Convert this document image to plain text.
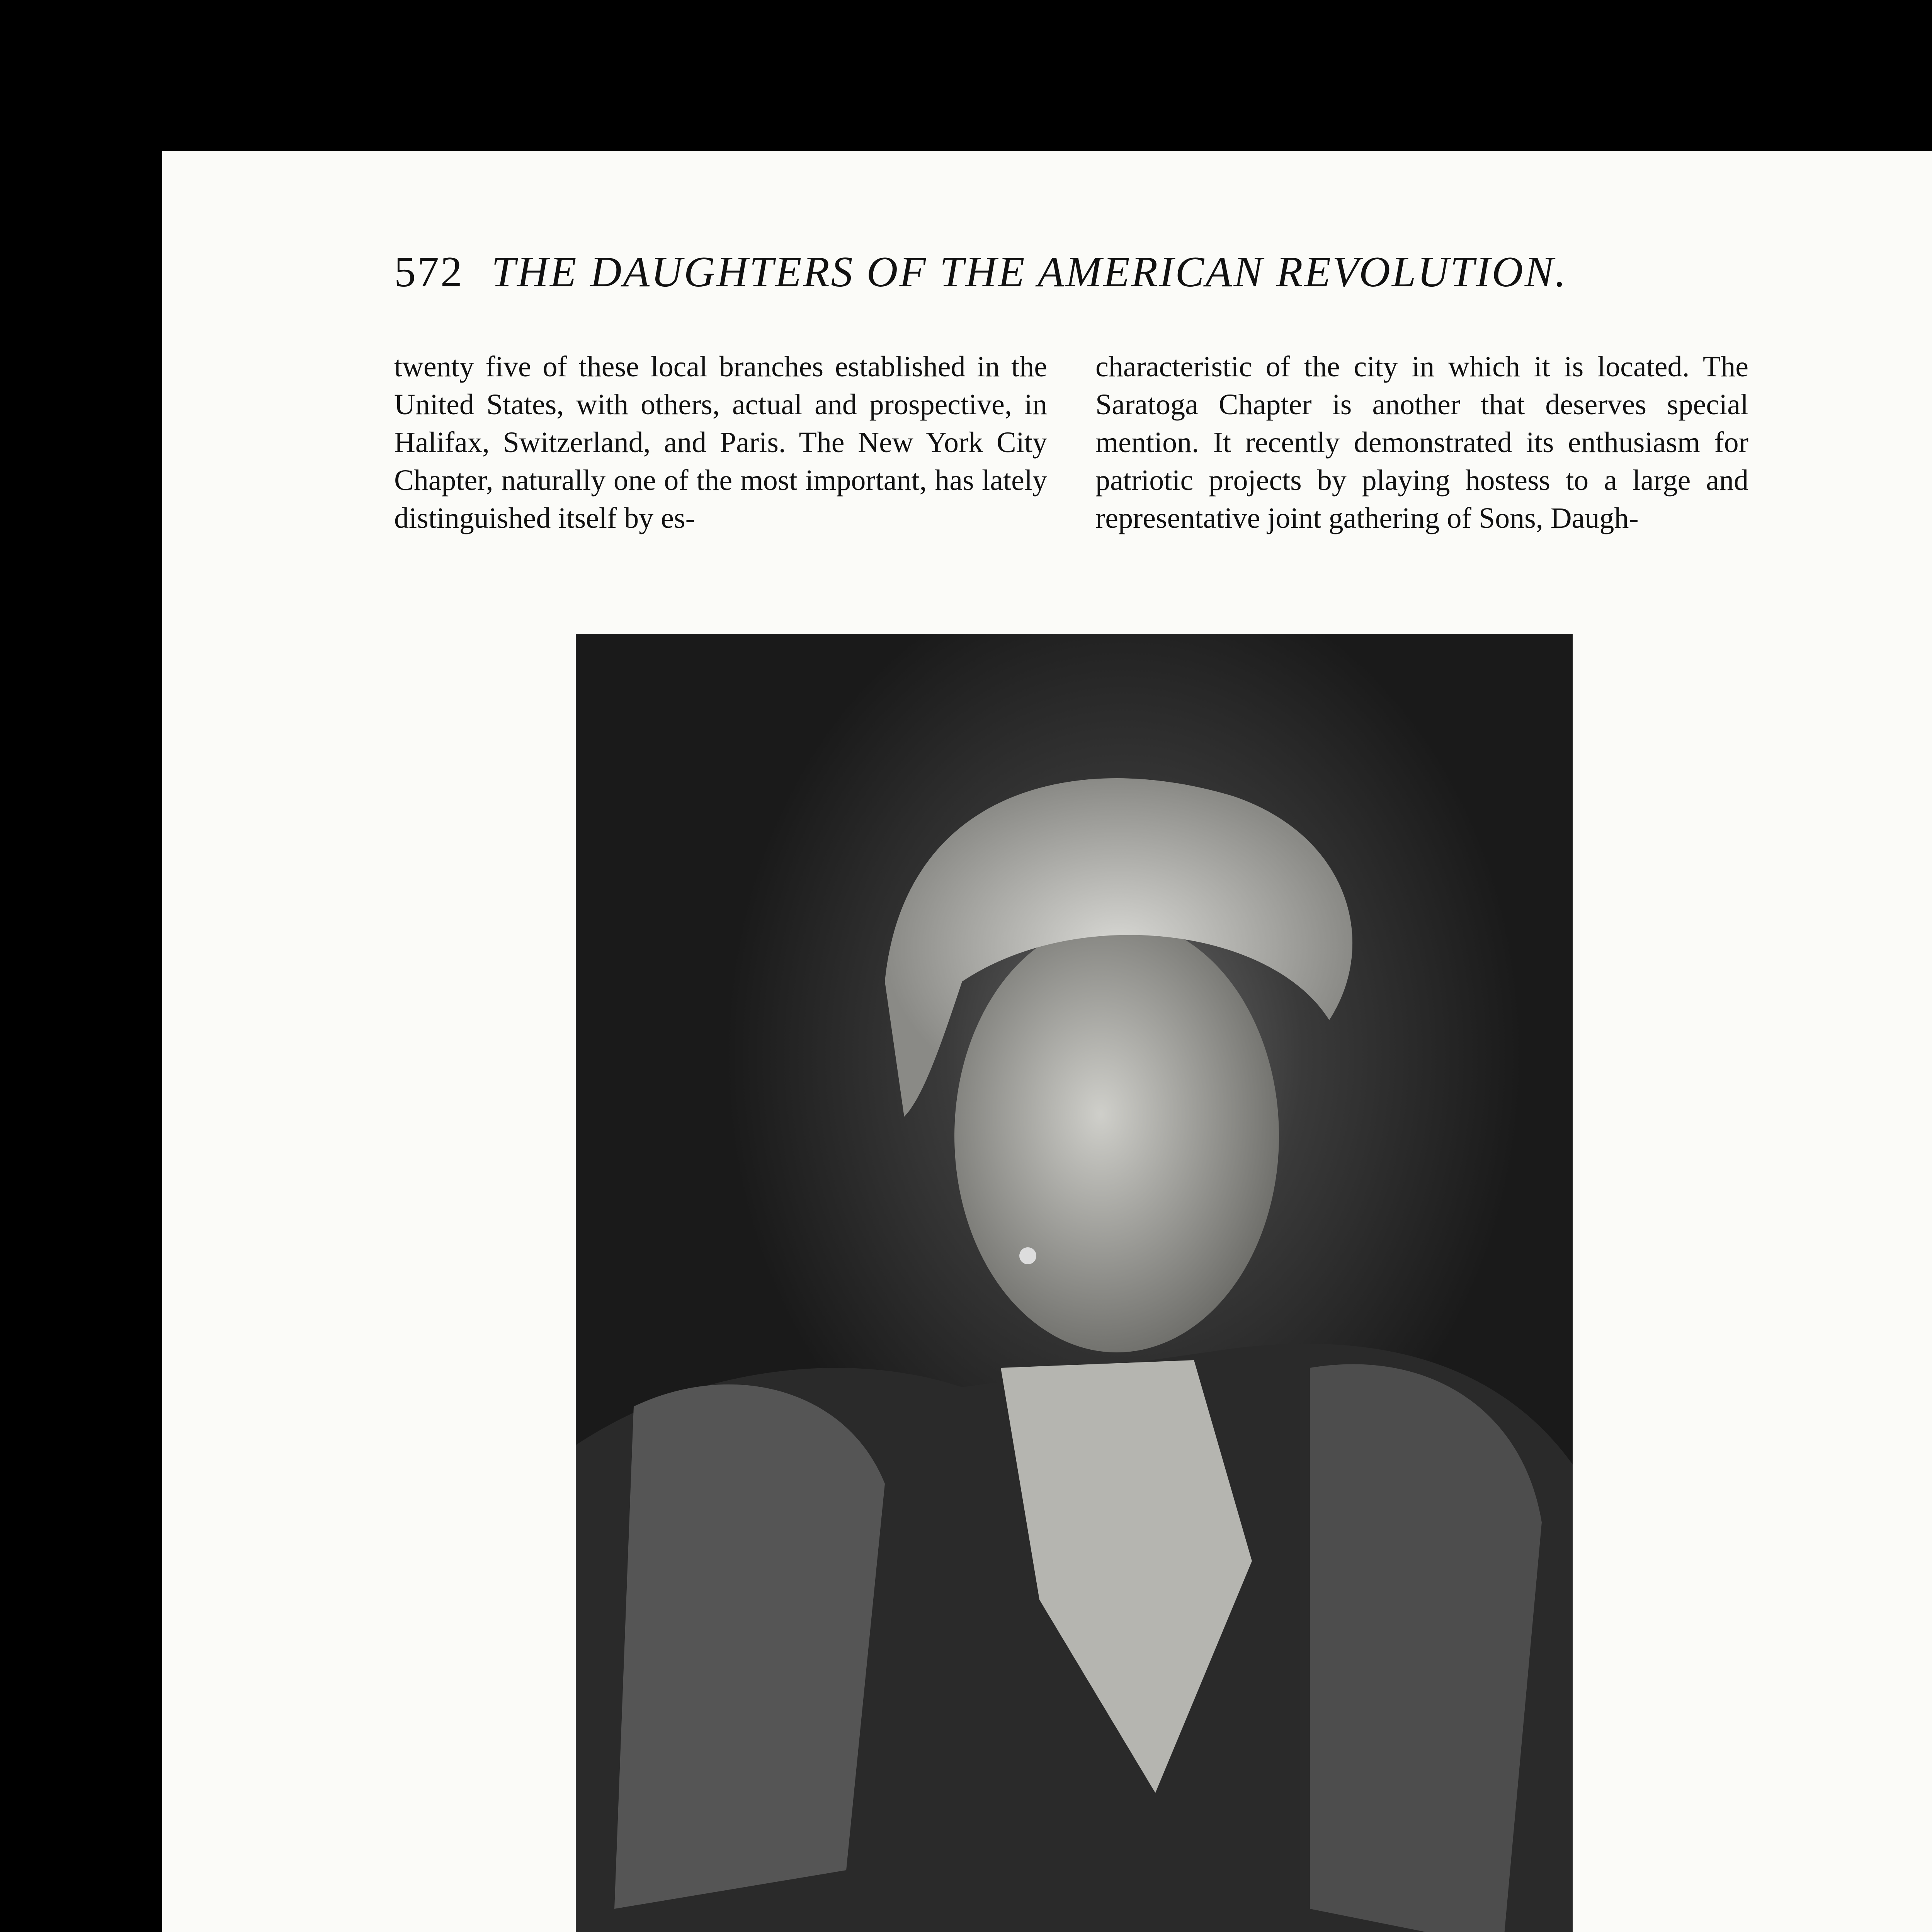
572 THE DAUGHTERS OF THE AMERICAN REVOLUTION.

twenty five of these local branches established in the United States, with others, actual and prospective, in Halifax, Switzerland, and Paris. The New York City Chapter, naturally one of the most important, has lately distinguished itself by es-

characteristic of the city in which it is located. The Saratoga Chapter is another that deserves special mention. It recently demonstrated its enthusiasm for patriotic projects by playing hostess to a large and representative joint gathering of Sons, Daugh-
